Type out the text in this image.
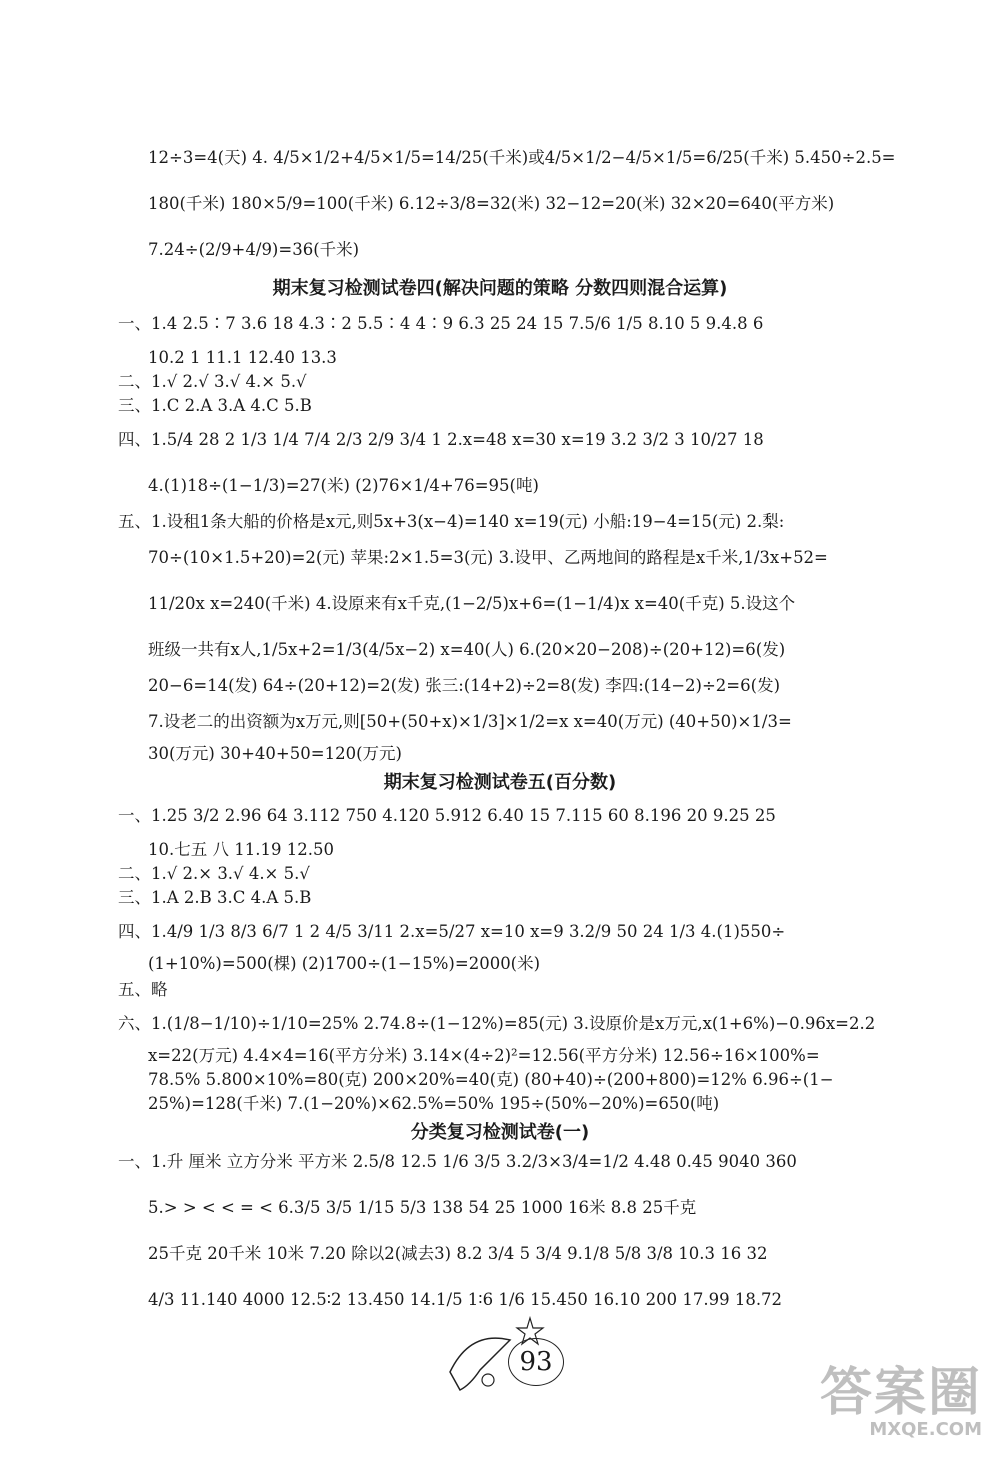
12÷3=4(天) 4. 4/5×1/2+4/5×1/5=14/25(千米)或4/5×1/2−4/5×1/5=6/25(千米) 5.450÷2.5=
180(千米) 180×5/9=100(千米) 6.12÷3/8=32(米) 32−12=20(米) 32×20=640(平方米)
7.24÷(2/9+4/9)=36(千米)
期末复习检测试卷四(解决问题的策略 分数四则混合运算)
一、1.4 2.5∶7 3.6 18 4.3∶2 5.5∶4 4∶9 6.3 25 24 15 7.5/6 1/5 8.10 5 9.4.8 6
10.2 1 11.1 12.40 13.3
二、1.√ 2.√ 3.√ 4.× 5.√
三、1.C 2.A 3.A 4.C 5.B
四、1.5/4 28 2 1/3 1/4 7/4 2/3 2/9 3/4 1 2.x=48 x=30 x=19 3.2 3/2 3 10/27 18
4.(1)18÷(1−1/3)=27(米) (2)76×1/4+76=95(吨)
五、1.设租1条大船的价格是x元,则5x+3(x−4)=140 x=19(元) 小船:19−4=15(元) 2.梨:
70÷(10×1.5+20)=2(元) 苹果:2×1.5=3(元) 3.设甲、乙两地间的路程是x千米,1/3x+52=
11/20x x=240(千米) 4.设原来有x千克,(1−2/5)x+6=(1−1/4)x x=40(千克) 5.设这个
班级一共有x人,1/5x+2=1/3(4/5x−2) x=40(人) 6.(20×20−208)÷(20+12)=6(发)
20−6=14(发) 64÷(20+12)=2(发) 张三:(14+2)÷2=8(发) 李四:(14−2)÷2=6(发)
7.设老二的出资额为x万元,则[50+(50+x)×1/3]×1/2=x x=40(万元) (40+50)×1/3=
30(万元) 30+40+50=120(万元)
期末复习检测试卷五(百分数)
一、1.25 3/2 2.96 64 3.112 750 4.120 5.912 6.40 15 7.115 60 8.196 20 9.25 25
10.七五 八 11.19 12.50
二、1.√ 2.× 3.√ 4.× 5.√
三、1.A 2.B 3.C 4.A 5.B
四、1.4/9 1/3 8/3 6/7 1 2 4/5 3/11 2.x=5/27 x=10 x=9 3.2/9 50 24 1/3 4.(1)550÷
(1+10%)=500(棵) (2)1700÷(1−15%)=2000(米)
五、略
六、1.(1/8−1/10)÷1/10=25% 2.74.8÷(1−12%)=85(元) 3.设原价是x万元,x(1+6%)−0.96x=2.2
x=22(万元) 4.4×4=16(平方分米) 3.14×(4÷2)²=12.56(平方分米) 12.56÷16×100%=
78.5% 5.800×10%=80(克) 200×20%=40(克) (80+40)÷(200+800)=12% 6.96÷(1−
25%)=128(千米) 7.(1−20%)×62.5%=50% 195÷(50%−20%)=650(吨)
分类复习检测试卷(一)
一、1.升 厘米 立方分米 平方米 2.5/8 12.5 1/6 3/5 3.2/3×3/4=1/2 4.48 0.45 9040 360
5.> > < < = < 6.3/5 3/5 1/15 5/3 138 54 25 1000 16米 8.8 25千克
25千克 20千米 10米 7.20 除以2(减去3) 8.2 3/4 5 3/4 9.1/8 5/8 3/8 10.3 16 32
4/3 11.140 4000 12.5∶2 13.450 14.1/5 1∶6 1/6 15.450 16.10 200 17.99 18.72
93
答案圈
MXQE.COM
